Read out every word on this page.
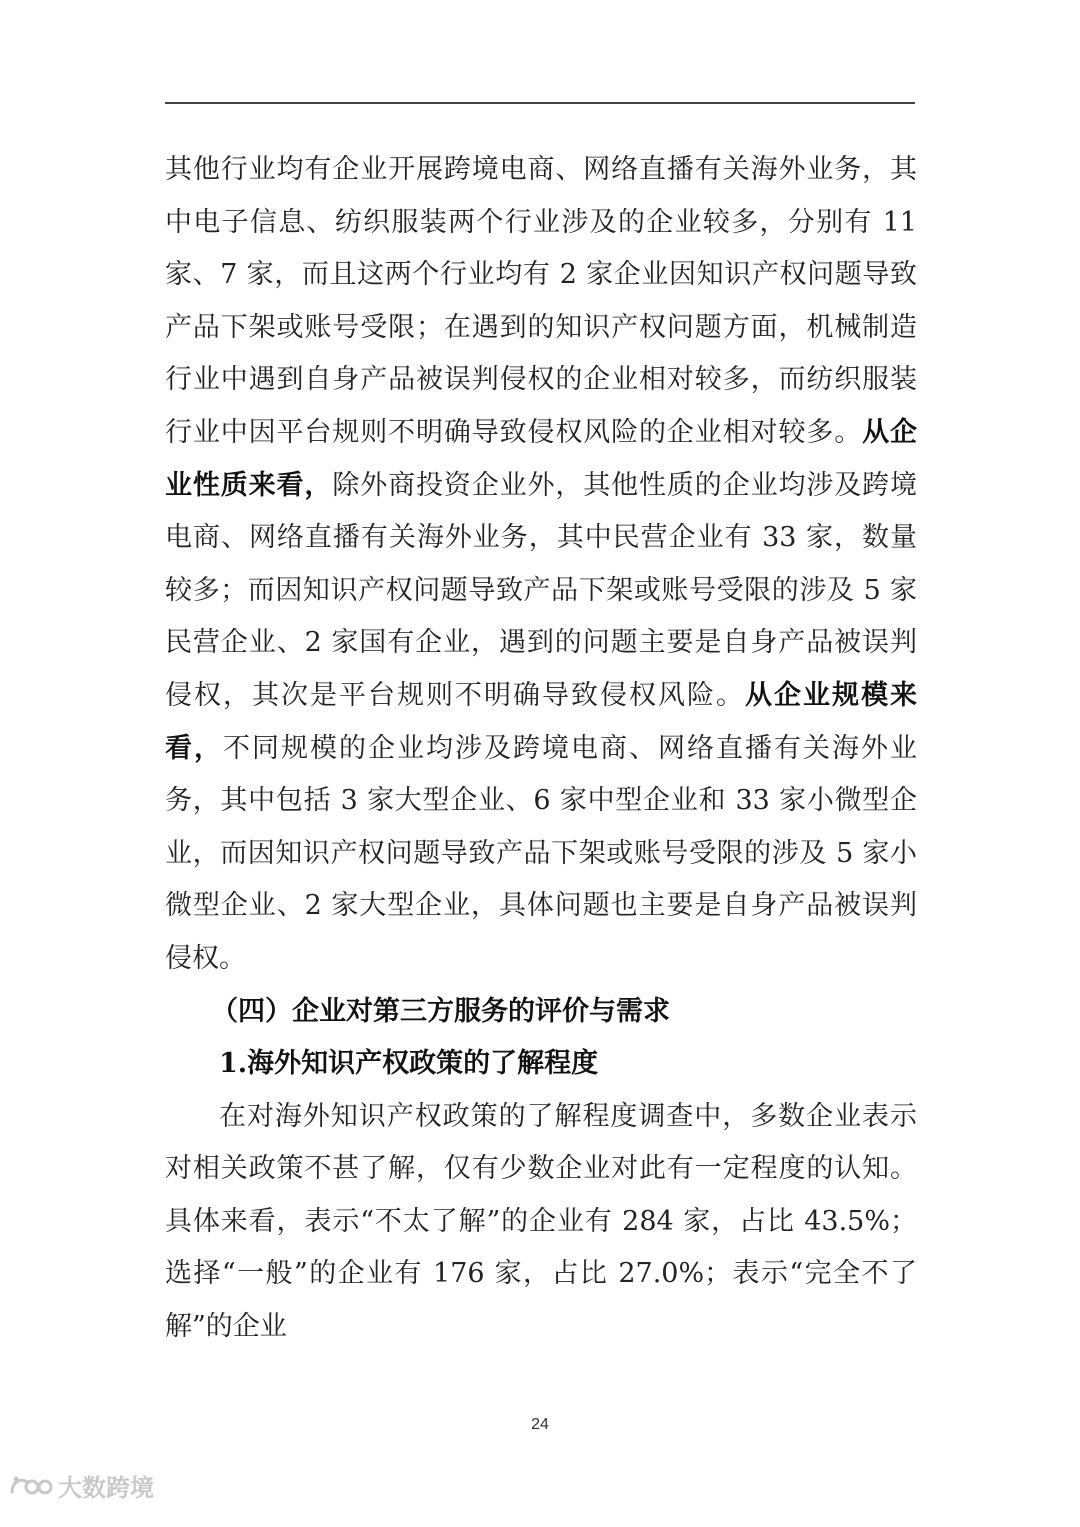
其他行业均有企业开展跨境电商、网络直播有关海外业务，其中电子信息、纺织服装两个行业涉及的企业较多，分别有 11 家、7 家，而且这两个行业均有 2 家企业因知识产权问题导致产品下架或账号受限；在遇到的知识产权问题方面，机械制造行业中遇到自身产品被误判侵权的企业相对较多，而纺织服装行业中因平台规则不明确导致侵权风险的企业相对较多。从企业性质来看，除外商投资企业外，其他性质的企业均涉及跨境电商、网络直播有关海外业务，其中民营企业有 33 家，数量较多；而因知识产权问题导致产品下架或账号受限的涉及 5 家民营企业、2 家国有企业，遇到的问题主要是自身产品被误判侵权，其次是平台规则不明确导致侵权风险。从企业规模来看，不同规模的企业均涉及跨境电商、网络直播有关海外业务，其中包括 3 家大型企业、6 家中型企业和 33 家小微型企业，而因知识产权问题导致产品下架或账号受限的涉及 5 家小微型企业、2 家大型企业，具体问题也主要是自身产品被误判侵权。

（四）企业对第三方服务的评价与需求

1.海外知识产权政策的了解程度

在对海外知识产权政策的了解程度调查中，多数企业表示对相关政策不甚了解，仅有少数企业对此有一定程度的认知。具体来看，表示“不太了解”的企业有 284 家，占比 43.5%；选择“一般”的企业有 176 家，占比 27.0%；表示“完全不了解”的企业

24
大数跨境
